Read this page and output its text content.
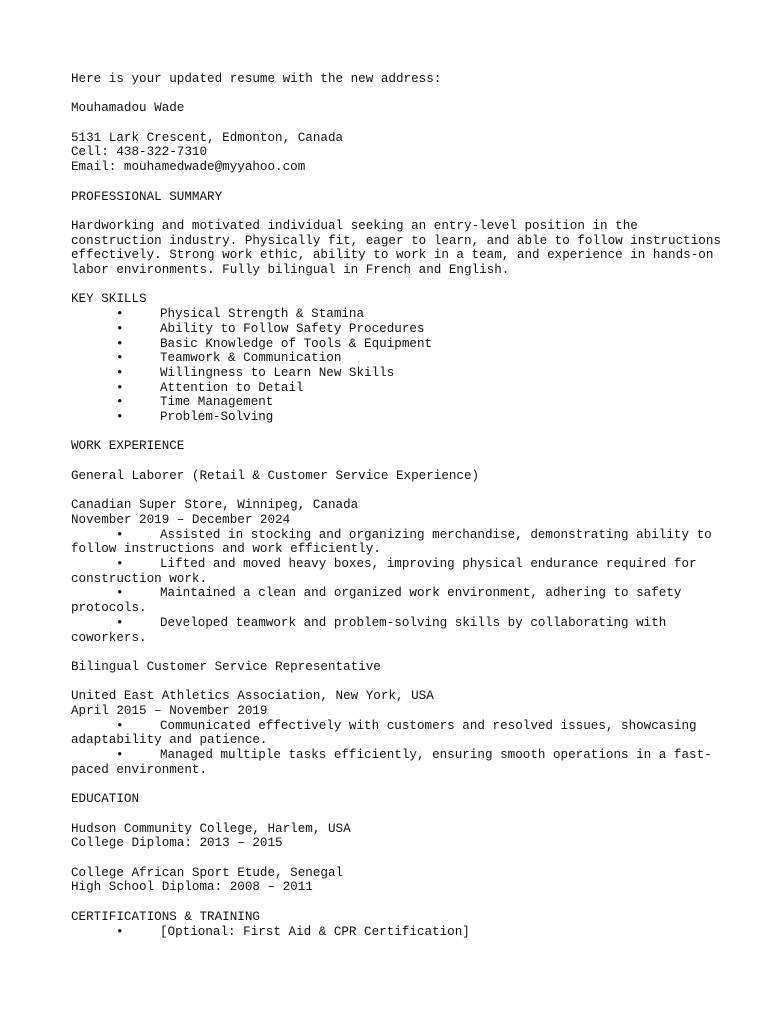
Here is your updated resume with the new address:
Mouhamadou Wade
5131 Lark Crescent, Edmonton, Canada
Cell: 438-322-7310
Email: mouhamedwade@myyahoo.com
PROFESSIONAL SUMMARY
Hardworking and motivated individual seeking an entry-level position in the construction industry. Physically fit, eager to learn, and able to follow instructions effectively. Strong work ethic, ability to work in a team, and experience in hands-on labor environments. Fully bilingual in French and English.
KEY SKILLS
•	Physical Strength & Stamina
•	Ability to Follow Safety Procedures
•	Basic Knowledge of Tools & Equipment
•	Teamwork & Communication
•	Willingness to Learn New Skills
•	Attention to Detail
•	Time Management
•	Problem-Solving
WORK EXPERIENCE
General Laborer (Retail & Customer Service Experience)
Canadian Super Store, Winnipeg, Canada
November 2019 – December 2024
•	Assisted in stocking and organizing merchandise, demonstrating ability to follow instructions and work efficiently.
•	Lifted and moved heavy boxes, improving physical endurance required for construction work.
•	Maintained a clean and organized work environment, adhering to safety protocols.
•	Developed teamwork and problem-solving skills by collaborating with coworkers.
Bilingual Customer Service Representative
United East Athletics Association, New York, USA
April 2015 – November 2019
•	Communicated effectively with customers and resolved issues, showcasing adaptability and patience.
•	Managed multiple tasks efficiently, ensuring smooth operations in a fast-paced environment.
EDUCATION
Hudson Community College, Harlem, USA
College Diploma: 2013 – 2015
College African Sport Etude, Senegal
High School Diploma: 2008 – 2011
CERTIFICATIONS & TRAINING
•	[Optional: First Aid & CPR Certification]
